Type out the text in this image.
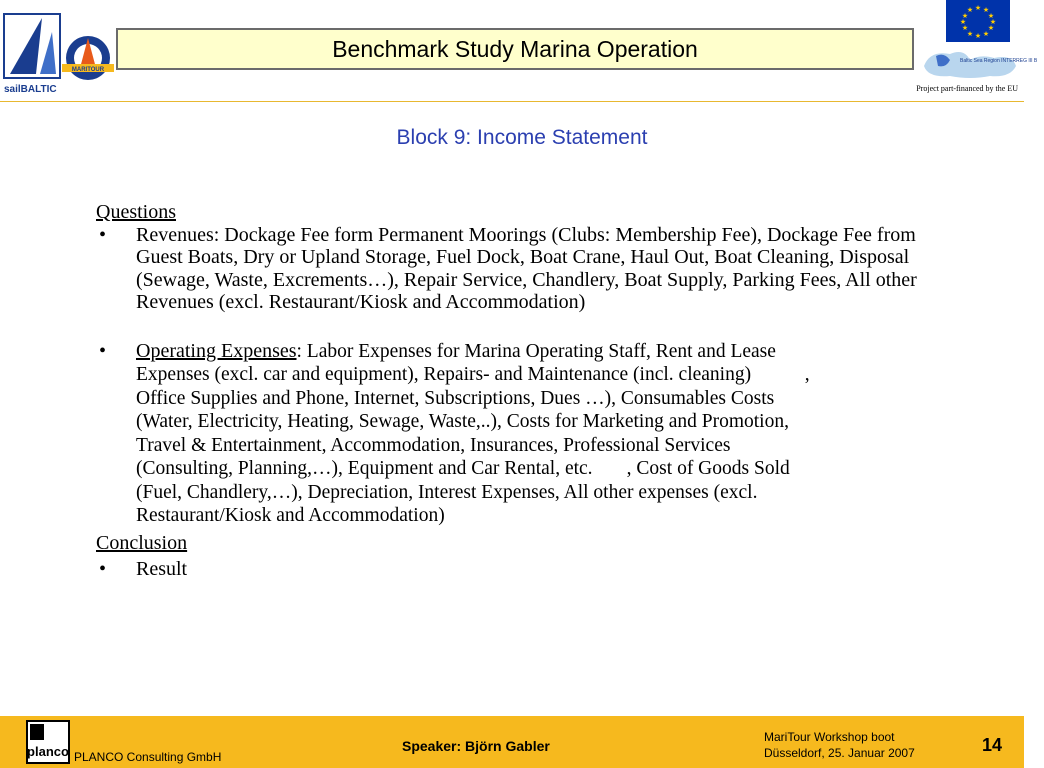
sailBALTIC
MARITOUR
Benchmark Study Marina Operation
★ ★
★
★
★
★
★
★
★
★
★
★
Baltic Sea Region INTERREG III B
Project part-financed by the EU
Block 9: Income Statement
Questions
• Revenues: Dockage Fee form Permanent Moorings (Clubs: Membership Fee), Dockage Fee from Guest Boats, Dry or Upland Storage, Fuel Dock, Boat Crane, Haul Out, Boat Cleaning, Disposal (Sewage, Waste, Excrements…), Repair Service, Chandlery, Boat Supply, Parking Fees, All other Revenues (excl. Restaurant/Kiosk and Accommodation)
• Operating Expenses: Labor Expenses for Marina Operating Staff, Rent and Lease
Expenses (excl. car and equipment), Repairs- and Maintenance (incl. cleaning)           ,
Office Supplies and Phone, Internet, Subscriptions, Dues …), Consumables Costs
(Water, Electricity, Heating, Sewage, Waste,..), Costs for Marketing and Promotion,
Travel & Entertainment, Accommodation, Insurances, Professional Services
(Consulting, Planning,…), Equipment and Car Rental, etc.       , Cost of Goods Sold
(Fuel, Chandlery,…), Depreciation, Interest Expenses, All other expenses (excl.
Restaurant/Kiosk and Accommodation)
Conclusion
• Result
planco PLANCO Consulting GmbH
Speaker: Björn Gabler
MariTour Workshop boot
Düsseldorf, 25. Januar 2007	14
